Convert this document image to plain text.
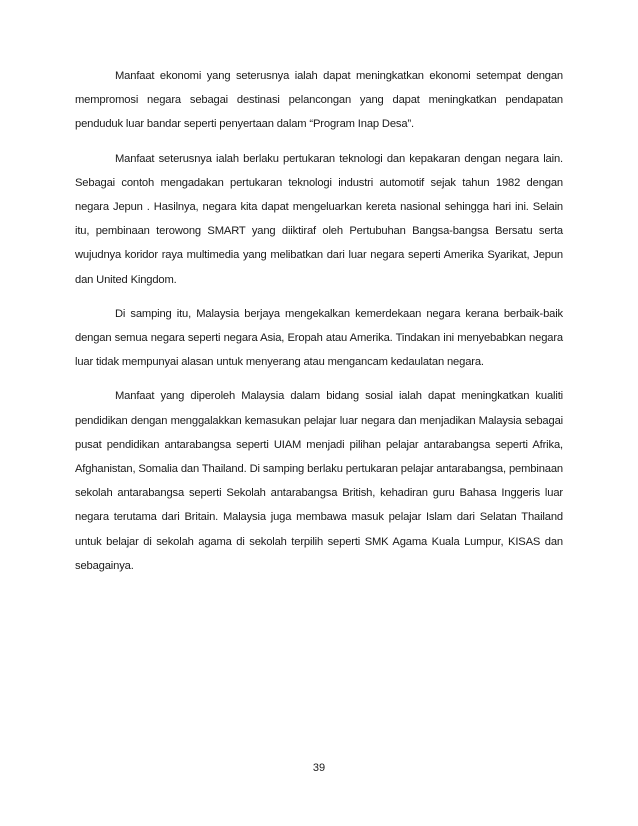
Manfaat ekonomi yang seterusnya ialah dapat meningkatkan ekonomi setempat dengan mempromosi negara sebagai destinasi pelancongan yang dapat meningkatkan pendapatan penduduk luar bandar seperti penyertaan dalam “Program Inap Desa”.

Manfaat seterusnya ialah berlaku pertukaran teknologi dan kepakaran dengan negara lain. Sebagai contoh mengadakan pertukaran teknologi industri automotif sejak tahun 1982 dengan negara Jepun . Hasilnya, negara kita dapat mengeluarkan kereta nasional sehingga hari ini. Selain itu, pembinaan terowong SMART yang diiktiraf oleh Pertubuhan Bangsa-bangsa Bersatu serta wujudnya koridor raya multimedia yang melibatkan dari luar negara seperti Amerika Syarikat, Jepun dan United Kingdom.

Di samping itu, Malaysia berjaya mengekalkan kemerdekaan negara kerana berbaik-baik dengan semua negara seperti negara Asia, Eropah atau Amerika. Tindakan ini menyebabkan negara luar tidak mempunyai alasan untuk menyerang atau mengancam kedaulatan negara.

Manfaat yang diperoleh Malaysia dalam bidang sosial ialah dapat meningkatkan kualiti pendidikan dengan menggalakkan kemasukan pelajar luar negara dan menjadikan Malaysia sebagai pusat pendidikan antarabangsa seperti UIAM menjadi pilihan pelajar antarabangsa seperti Afrika, Afghanistan, Somalia dan Thailand. Di samping berlaku pertukaran pelajar antarabangsa, pembinaan sekolah antarabangsa seperti Sekolah antarabangsa British, kehadiran guru Bahasa Inggeris luar negara terutama dari Britain. Malaysia juga membawa masuk pelajar Islam dari Selatan Thailand untuk belajar di sekolah agama di sekolah terpilih seperti SMK Agama Kuala Lumpur, KISAS dan sebagainya.

39
